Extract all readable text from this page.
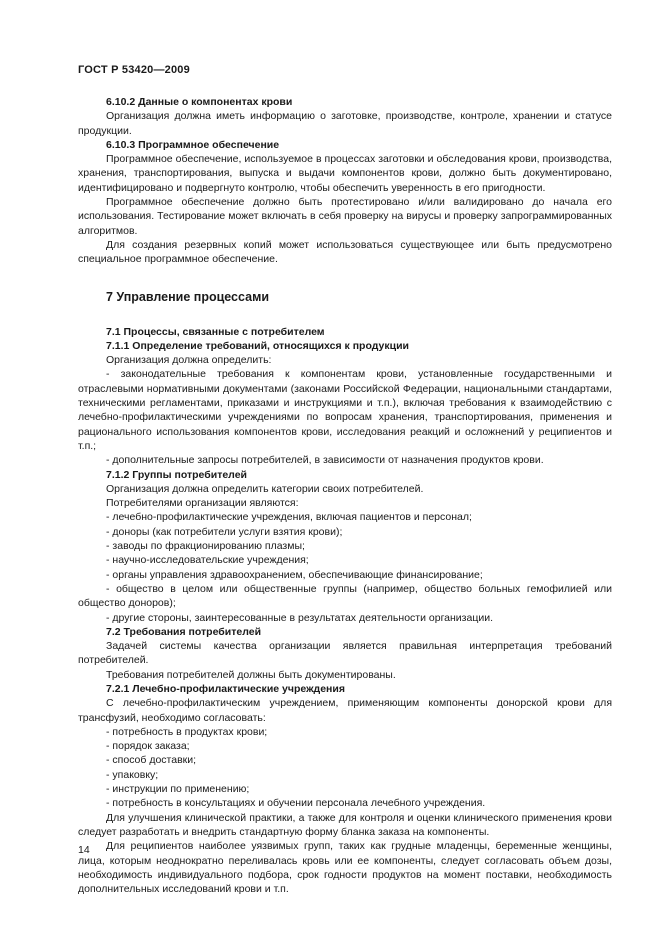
ГОСТ Р 53420—2009

6.10.2 Данные о компонентах крови

Организация должна иметь информацию о заготовке, производстве, контроле, хранении и статусе продукции.

6.10.3 Программное обеспечение

Программное обеспечение, используемое в процессах заготовки и обследования крови, производства, хранения, транспортирования, выпуска и выдачи компонентов крови, должно быть документировано, идентифицировано и подвергнуто контролю, чтобы обеспечить уверенность в его пригодности.

Программное обеспечение должно быть протестировано и/или валидировано до начала его использования. Тестирование может включать в себя проверку на вирусы и проверку запрограммированных алгоритмов.

Для создания резервных копий может использоваться существующее или быть предусмотрено специальное программное обеспечение.

7 Управление процессами

7.1 Процессы, связанные с потребителем

7.1.1 Определение требований, относящихся к продукции

Организация должна определить:

- законодательные требования к компонентам крови, установленные государственными и отраслевыми нормативными документами (законами Российской Федерации, национальными стандартами, техническими регламентами, приказами и инструкциями и т.п.), включая требования к взаимодействию с лечебно-профилактическими учреждениями по вопросам хранения, транспортирования, применения и рационального использования компонентов крови, исследования реакций и осложнений у реципиентов и т.п.;

- дополнительные запросы потребителей, в зависимости от назначения продуктов крови.

7.1.2 Группы потребителей

Организация должна определить категории своих потребителей.

Потребителями организации являются:

- лечебно-профилактические учреждения, включая пациентов и персонал;

- доноры (как потребители услуги взятия крови);

- заводы по фракционированию плазмы;

- научно-исследовательские учреждения;

- органы управления здравоохранением, обеспечивающие финансирование;

- общество в целом или общественные группы (например, общество больных гемофилией или общество доноров);

- другие стороны, заинтересованные в результатах деятельности организации.

7.2 Требования потребителей

Задачей системы качества организации является правильная интерпретация требований потребителей.

Требования потребителей должны быть документированы.

7.2.1 Лечебно-профилактические учреждения

С лечебно-профилактическим учреждением, применяющим компоненты донорской крови для трансфузий, необходимо согласовать:

- потребность в продуктах крови;

- порядок заказа;

- способ доставки;

- упаковку;

- инструкции по применению;

- потребность в консультациях и обучении персонала лечебного учреждения.

Для улучшения клинической практики, а также для контроля и оценки клинического применения крови следует разработать и внедрить стандартную форму бланка заказа на компоненты.

Для реципиентов наиболее уязвимых групп, таких как грудные младенцы, беременные женщины, лица, которым неоднократно переливалась кровь или ее компоненты, следует согласовать объем дозы, необходимость индивидуального подбора, срок годности продуктов на момент поставки, необходимость дополнительных исследований крови и т.п.

14
